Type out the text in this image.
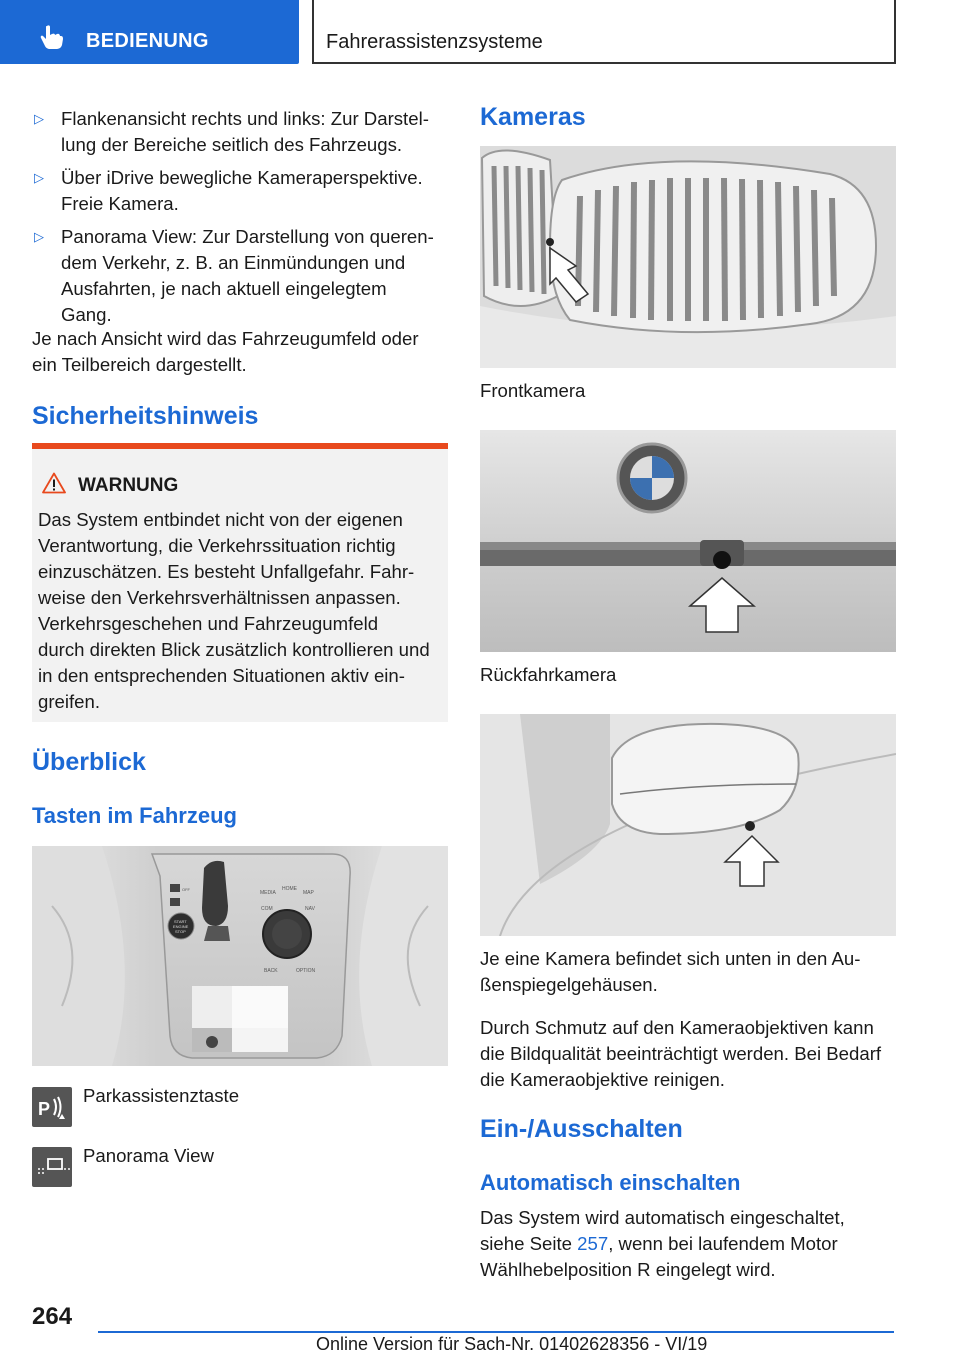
BEDIENUNG	Fahrerassistenzsysteme
▷ Flankenansicht rechts und links: Zur Darstel-
lung der Bereiche seitlich des Fahrzeugs.
▷ Über iDrive bewegliche Kameraperspektive.
Freie Kamera.
▷ Panorama View: Zur Darstellung von queren-
dem Verkehr, z. B. an Einmündungen und
Ausfahrten, je nach aktuell eingelegtem
Gang.
Je nach Ansicht wird das Fahrzeugumfeld oder
ein Teilbereich dargestellt.
Sicherheitshinweis
WARNUNG
Das System entbindet nicht von der eigenen
Verantwortung, die Verkehrssituation richtig
einzuschätzen. Es besteht Unfallgefahr. Fahr-
weise den Verkehrsverhältnissen anpassen.
Verkehrsgeschehen und Fahrzeugumfeld
durch direkten Blick zusätzlich kontrollieren und
in den entsprechenden Situationen aktiv ein-
greifen.
Überblick
Tasten im Fahrzeug
MEDIA
HOME
MAP
COM	NAV
BACK	OPTION
START
ENGINE
STOP
OFF
P
Parkassistenztaste
Panorama View
Kameras
Frontkamera
Rückfahrkamera
Je eine Kamera befindet sich unten in den Au-
ßenspiegelgehäusen.
Durch Schmutz auf den Kameraobjektiven kann
die Bildqualität beeinträchtigt werden. Bei Bedarf
die Kameraobjektive reinigen.
Ein-/Ausschalten
Automatisch einschalten
Das System wird automatisch eingeschaltet,
siehe Seite 257, wenn bei laufendem Motor
Wählhebelposition R eingelegt wird.
264
Online Version für Sach-Nr. 01402628356 - VI/19
